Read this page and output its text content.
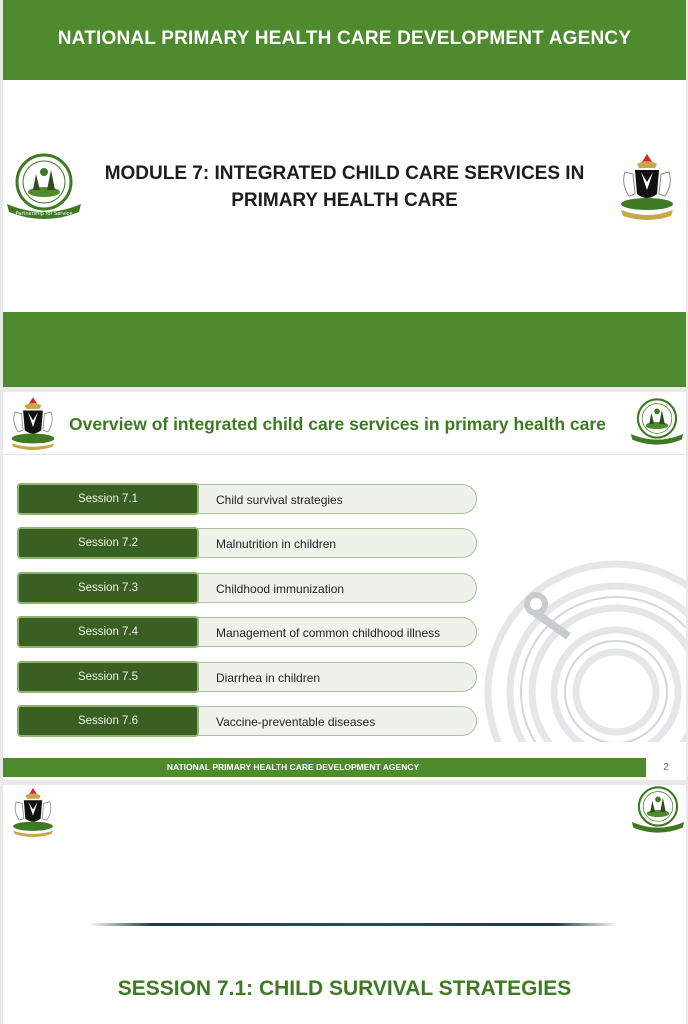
NATIONAL PRIMARY HEALTH CARE DEVELOPMENT AGENCY
Partnership for Service
MODULE 7: INTEGRATED CHILD CARE SERVICES IN
PRIMARY HEALTH CARE
Overview of integrated child care services in primary health care
Child survival strategies
Session 7.1
Malnutrition in children
Session 7.2
Childhood immunization
Session 7.3
Management of common childhood illness
Session 7.4
Diarrhea in children
Session 7.5
Vaccine-preventable diseases
Session 7.6
NATIONAL PRIMARY HEALTH CARE DEVELOPMENT AGENCY	2
SESSION 7.1: CHILD SURVIVAL STRATEGIES
